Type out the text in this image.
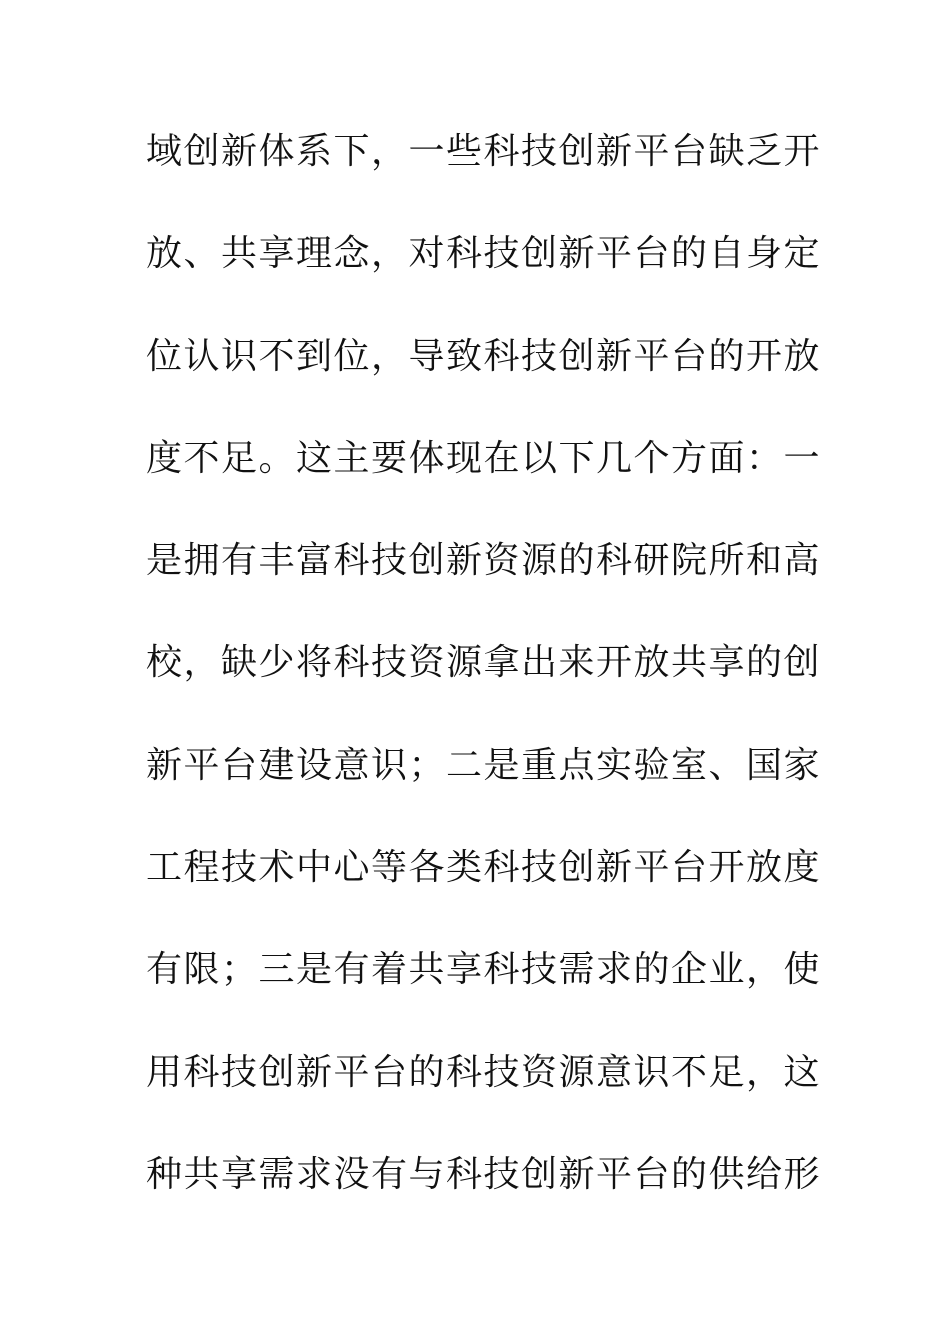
域创新体系下，一些科技创新平台缺乏开
放、共享理念，对科技创新平台的自身定
位认识不到位，导致科技创新平台的开放
度不足。这主要体现在以下几个方面：一
是拥有丰富科技创新资源的科研院所和高
校，缺少将科技资源拿出来开放共享的创
新平台建设意识；二是重点实验室、国家
工程技术中心等各类科技创新平台开放度
有限；三是有着共享科技需求的企业，使
用科技创新平台的科技资源意识不足，这
种共享需求没有与科技创新平台的供给形
